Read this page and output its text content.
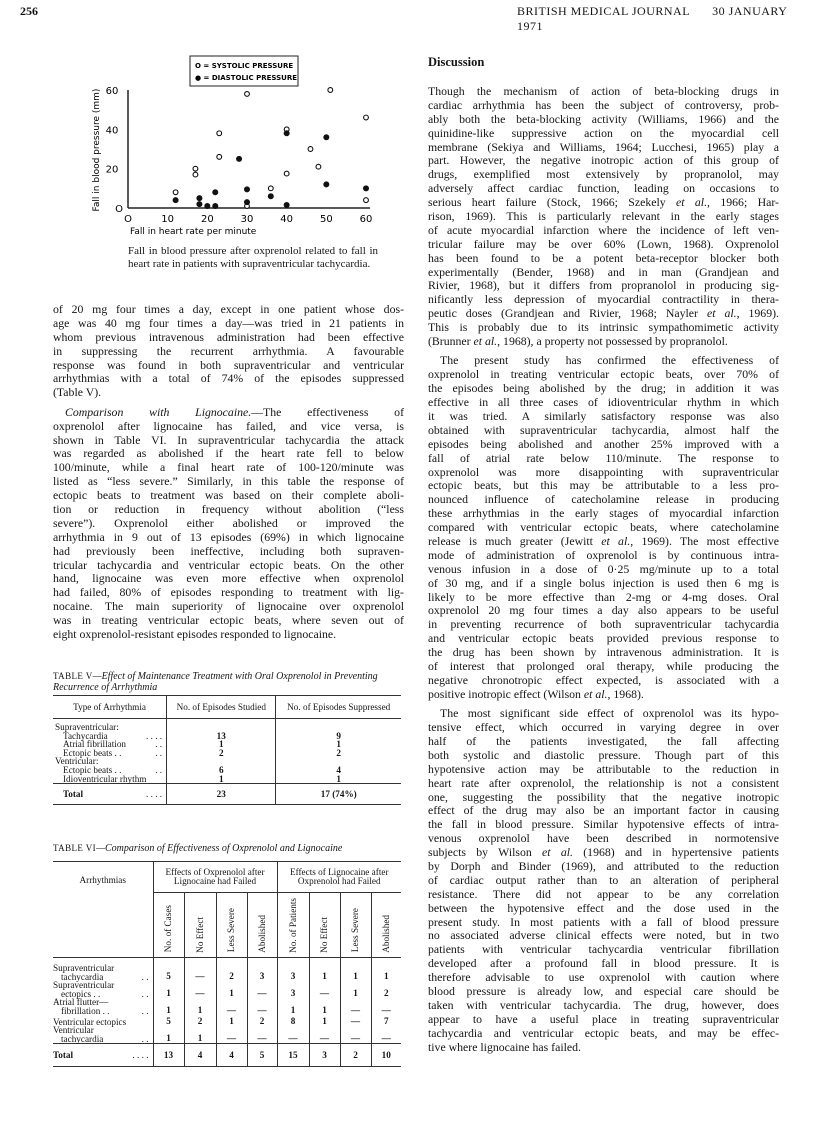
256	BRITISH MEDICAL JOURNAL 30 JANUARY 1971
O = SYSTOLIC PRESSURE
● = DIASTOLIC PRESSURE
Fall in blood pressure (mm)
Fall in heart rate per minute
O	10	20	30	40	50	60
O
20
40
60
Fall in blood pressure after oxprenolol related to fall in heart rate in patients with supraventricular tachycardia.
of 20 mg four times a day, except in one patient whose dos-
age was 40 mg four times a day—was tried in 21 patients in
whom previous intravenous administration had been effective
in suppressing the recurrent arrhythmia. A favourable
response was found in both supraventricular and ventricular
arrhythmias with a total of 74% of the episodes suppressed
(Table V).
Comparison with Lignocaine.—The effectiveness of
oxprenolol after lignocaine has failed, and vice versa, is
shown in Table VI. In supraventricular tachycardia the attack
was regarded as abolished if the heart rate fell to below
100/minute, while a final heart rate of 100-120/minute was
listed as “less severe.” Similarly, in this table the response of
ectopic beats to treatment was based on their complete aboli-
tion or reduction in frequency without abolition (“less
severe”). Oxprenolol either abolished or improved the
arrhythmia in 9 out of 13 episodes (69%) in which lignocaine
had previously been ineffective, including both supraven-
tricular tachycardia and ventricular ectopic beats. On the other
hand, lignocaine was even more effective when oxprenolol
had failed, 80% of episodes responding to treatment with lig-
nocaine. The main superiority of lignocaine over oxprenolol
was in treating ventricular ectopic beats, where seven out of
eight oxprenolol-resistant episodes responded to lignocaine.
TABLE V—Effect of Maintenance Treatment with Oral Oxprenolol in Preventing Recurrence of Arrhythmia
Type of Arrhythmia	No. of Episodes Studied	No. of Episodes Suppressed
Supraventricular:		
Tachycardia . . . .	13	9
Atrial fibrillation . .	1	1
Ectopic beats . . . .	2	2
Ventricular:		
Ectopic beats . . . .	6	4
Idioventricular rhythm	1	1
Total . . . .	23	17 (74%)
TABLE VI—Comparison of Effectiveness of Oxprenolol and Lignocaine
Arrhythmias	Effects of Oxprenolol after Lignocaine had Failed				Effects of Lignocaine after Oxprenolol had Failed			
	No. of Cases	No Effect	Less Severe	Abolished	No. of Patients	No Effect	Less Severe	Abolished

Supraventricular
tachycardia . .	5	—	2	3	3	1	1	1

Supraventricular
ectopics . . . .	1	—	1	—	3	—	1	2

Atrial flutter—
fibrillation . . . .	1	1	—	—	1	1	—	—

Ventricular ectopics	5	2	1	2	8	1	—	7

Ventricular
tachycardia . .	1	1	—	—	—	—	—	—

Total . . . .	13	4	4	5	15	3	2	10
Discussion
Though the mechanism of action of beta-blocking drugs in
cardiac arrhythmia has been the subject of controversy, prob-
ably both the beta-blocking activity (Williams, 1966) and the
quinidine-like suppressive action on the myocardial cell
membrane (Sekiya and Williams, 1964; Lucchesi, 1965) play a
part. However, the negative inotropic action of this group of
drugs, exemplified most extensively by propranolol, may
adversely affect cardiac function, leading on occasions to
serious heart failure (Stock, 1966; Szekely et al., 1966; Har-
rison, 1969). This is particularly relevant in the early stages
of acute myocardial infarction where the incidence of left ven-
tricular failure may be over 60% (Lown, 1968). Oxprenolol
has been found to be a potent beta-receptor blocker both
experimentally (Bender, 1968) and in man (Grandjean and
Rivier, 1968), but it differs from propranolol in producing sig-
nificantly less depression of myocardial contractility in thera-
peutic doses (Grandjean and Rivier, 1968; Nayler et al., 1969).
This is probably due to its intrinsic sympathomimetic activity
(Brunner et al., 1968), a property not possessed by propranolol.
The present study has confirmed the effectiveness of
oxprenolol in treating ventricular ectopic beats, over 70% of
the episodes being abolished by the drug; in addition it was
effective in all three cases of idioventricular rhythm in which
it was tried. A similarly satisfactory response was also
obtained with supraventricular tachycardia, almost half the
episodes being abolished and another 25% improved with a
fall of atrial rate below 110/minute. The response to
oxprenolol was more disappointing with supraventricular
ectopic beats, but this may be attributable to a less pro-
nounced influence of catecholamine release in producing
these arrhythmias in the early stages of myocardial infarction
compared with ventricular ectopic beats, where catecholamine
release is much greater (Jewitt et al., 1969). The most effective
mode of administration of oxprenolol is by continuous intra-
venous infusion in a dose of 0·25 mg/minute up to a total
of 30 mg, and if a single bolus injection is used then 6 mg is
likely to be more effective than 2-mg or 4-mg doses. Oral
oxprenolol 20 mg four times a day also appears to be useful
in preventing recurrence of both supraventricular tachycardia
and ventricular ectopic beats provided previous response to
the drug has been shown by intravenous administration. It is
of interest that prolonged oral therapy, while producing the
negative chronotropic effect expected, is associated with a
positive inotropic effect (Wilson et al., 1968).
The most significant side effect of oxprenolol was its hypo-
tensive effect, which occurred in varying degree in over
half of the patients investigated, the fall affecting
both systolic and diastolic pressure. Though part of this
hypotensive action may be attributable to the reduction in
heart rate after oxprenolol, the relationship is not a consistent
one, suggesting the possibility that the negative inotropic
effect of the drug may also be an important factor in causing
the fall in blood pressure. Similar hypotensive effects of intra-
venous oxprenolol have been described in normotensive
subjects by Wilson et al. (1968) and in hypertensive patients
by Dorph and Binder (1969), and attributed to the reduction
of cardiac output rather than to an alteration of peripheral
resistance. There did not appear to be any correlation
between the hypotensive effect and the dose used in the
present study. In most patients with a fall of blood pressure
no associated adverse clinical effects were noted, but in two
patients with ventricular tachycardia ventricular fibrillation
developed after a profound fall in blood pressure. It is
therefore advisable to use oxprenolol with caution where
blood pressure is already low, and especial care should be
taken with ventricular tachycardia. The drug, however, does
appear to have a useful place in treating supraventricular
tachycardia and ventricular ectopic beats, and may be effec-
tive where lignocaine has failed.
